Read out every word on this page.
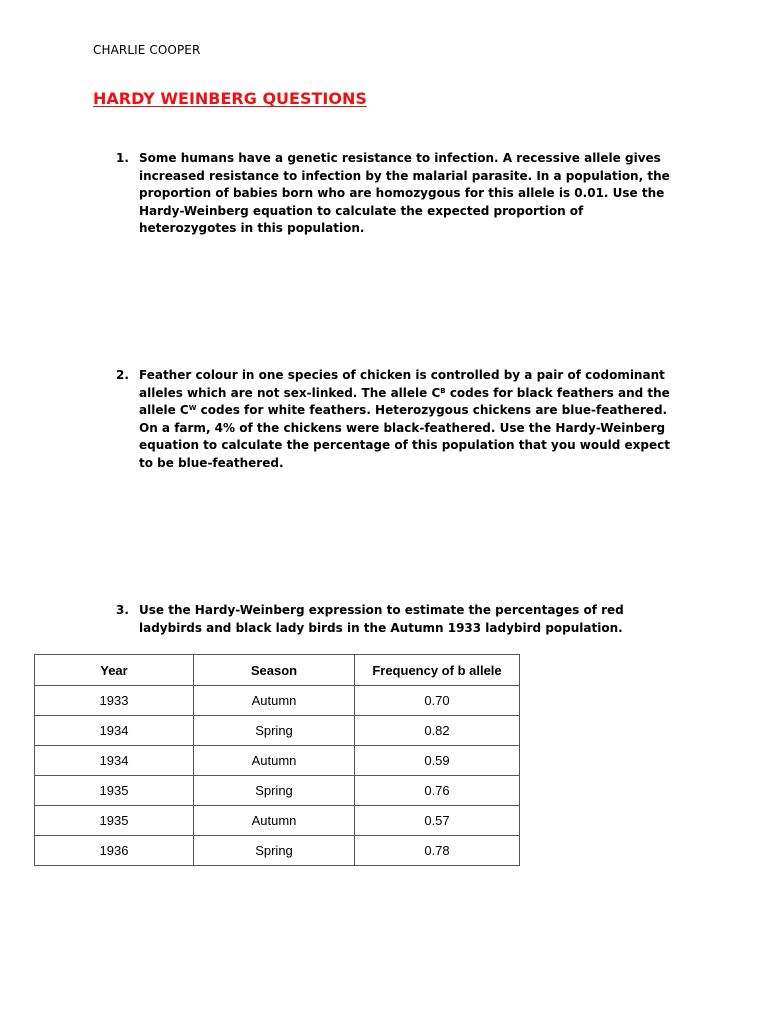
CHARLIE COOPER
HARDY WEINBERG QUESTIONS
1. Some humans have a genetic resistance to infection. A recessive allele gives increased resistance to infection by the malarial parasite. In a population, the proportion of babies born who are homozygous for this allele is 0.01. Use the Hardy-Weinberg equation to calculate the expected proportion of heterozygotes in this population.
2. Feather colour in one species of chicken is controlled by a pair of codominant alleles which are not sex-linked. The allele $C^B$ codes for black feathers and the allele $C^W$ codes for white feathers. Heterozygous chickens are blue-feathered. On a farm, 4% of the chickens were black-feathered. Use the Hardy-Weinberg equation to calculate the percentage of this population that you would expect to be blue-feathered.
3. Use the Hardy-Weinberg expression to estimate the percentages of red ladybirds and black lady birds in the Autumn 1933 ladybird population.
Year	Season	Frequency of b allele
1933	Autumn	0.70
1934	Spring	0.82
1934	Autumn	0.59
1935	Spring	0.76
1935	Autumn	0.57
1936	Spring	0.78
